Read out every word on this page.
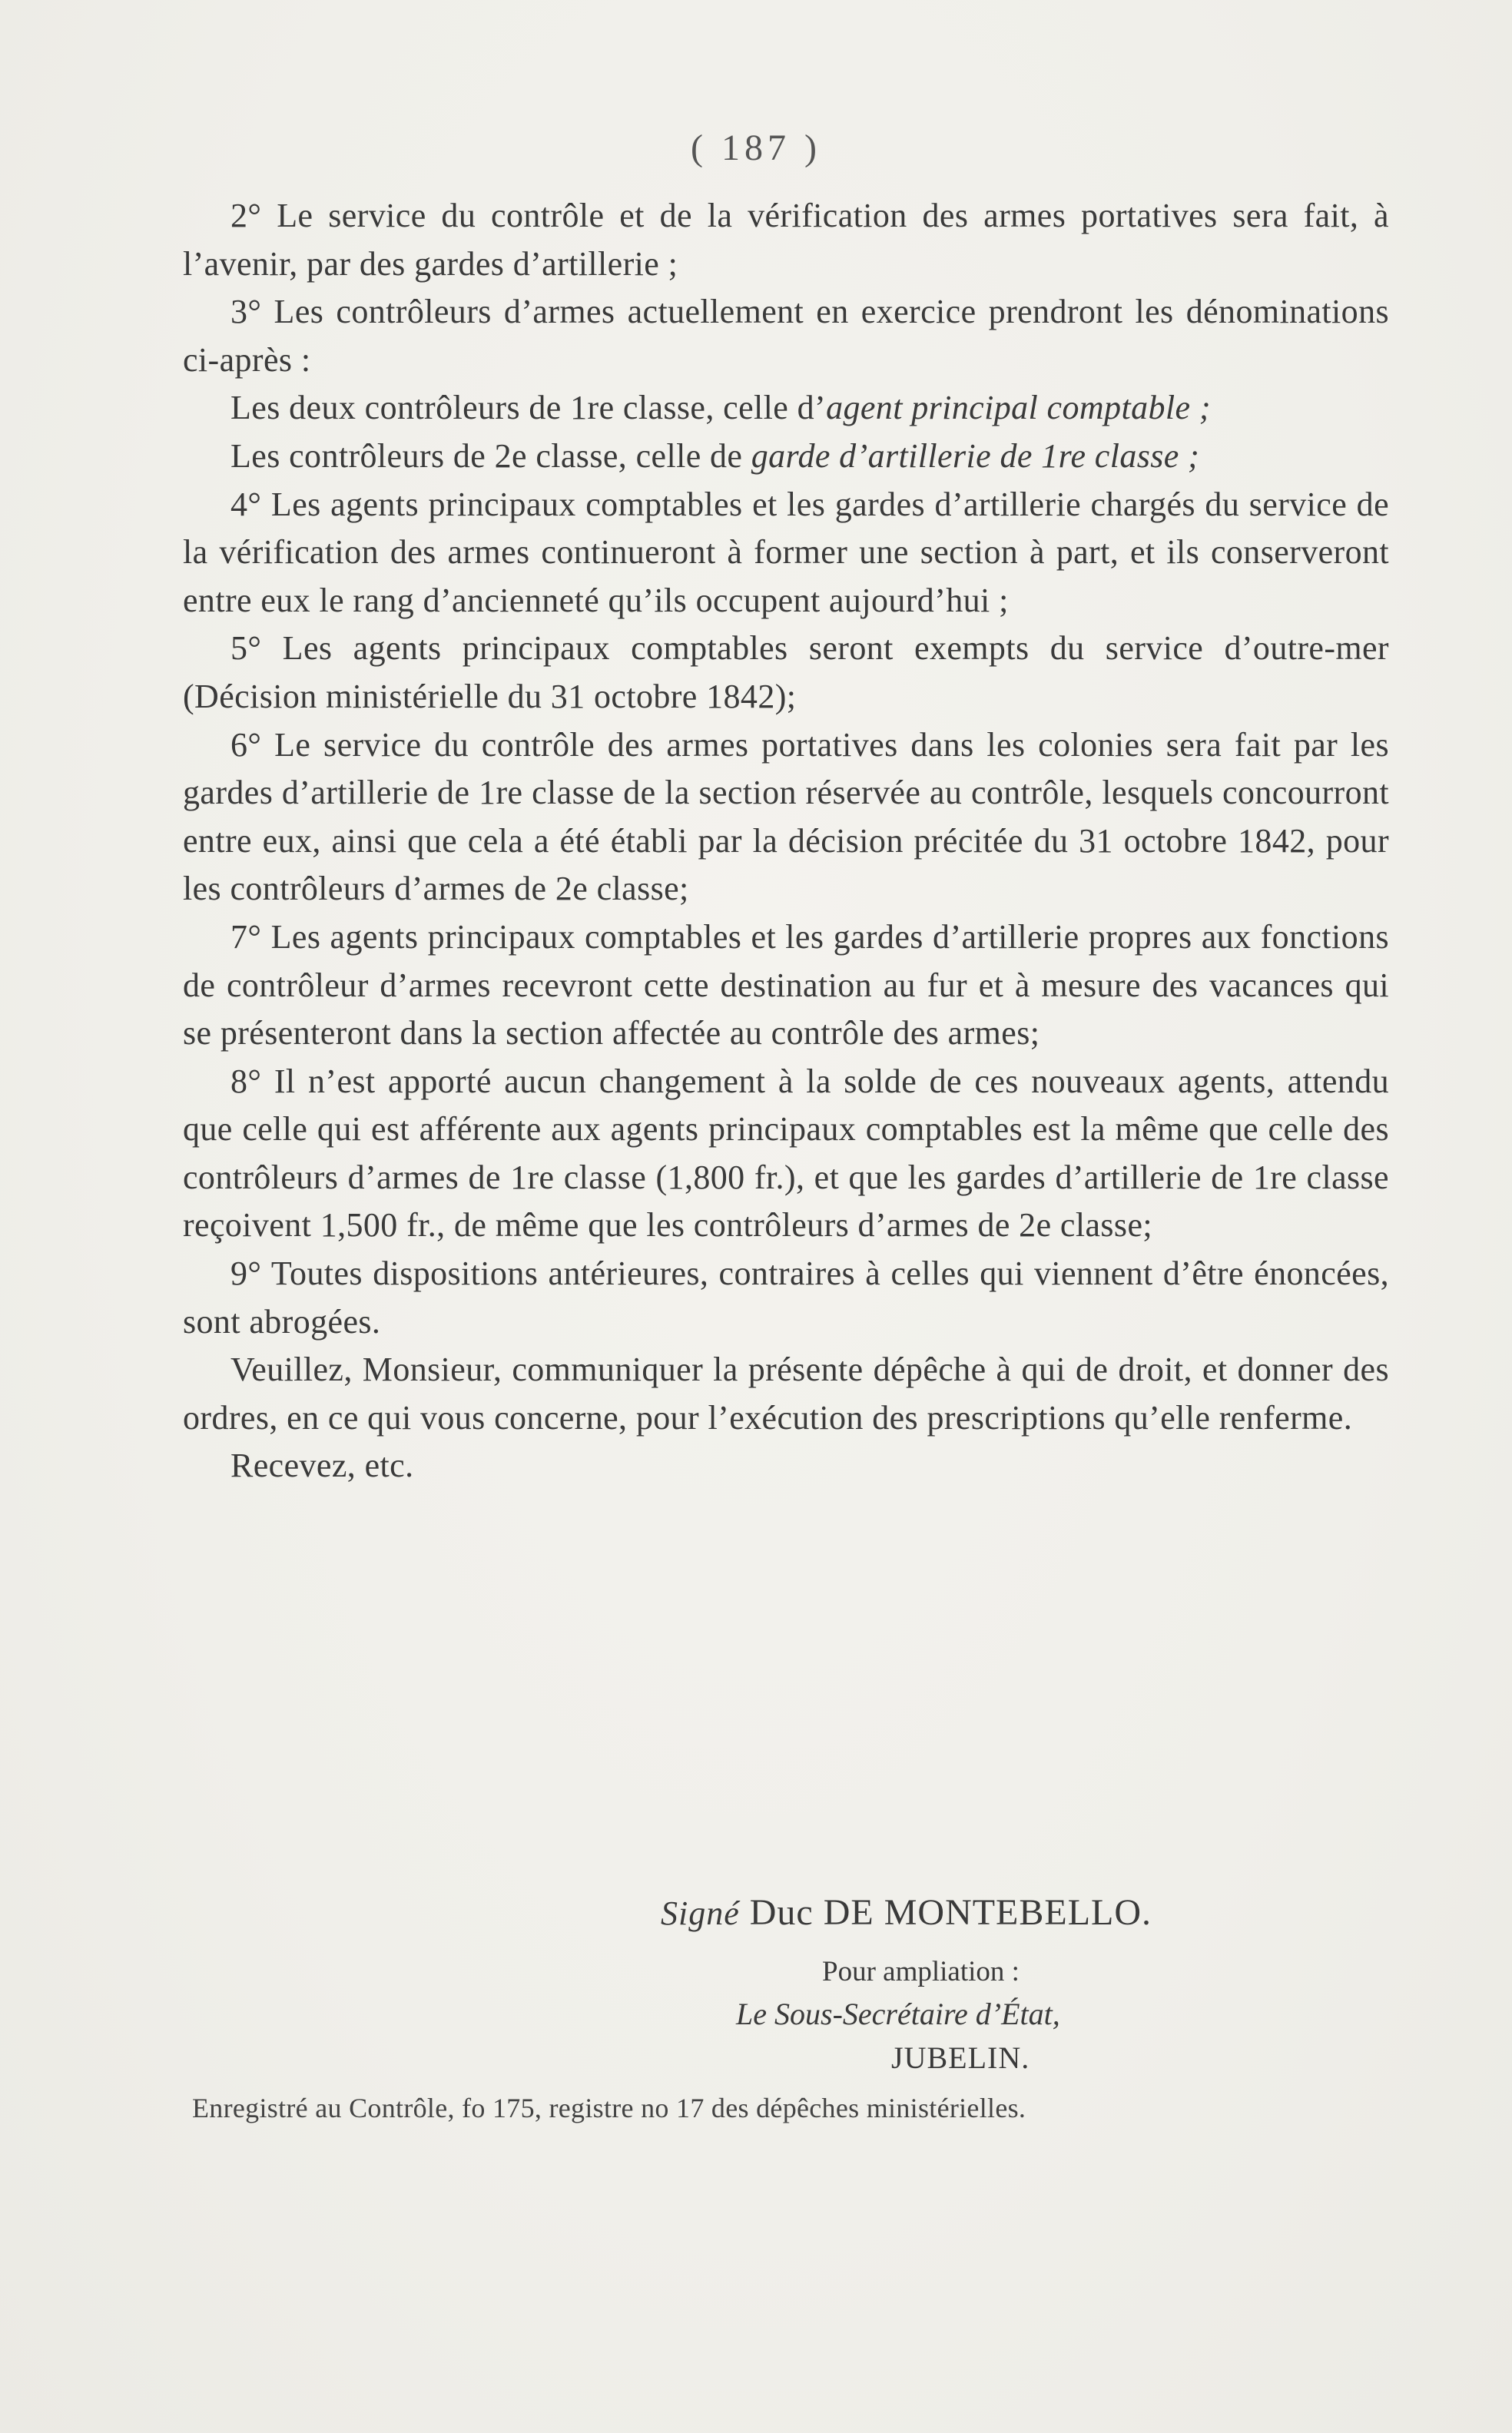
( 187 )

2° Le service du contrôle et de la vérification des armes portatives sera fait, à l’avenir, par des gardes d’artillerie ;

3° Les contrôleurs d’armes actuellement en exercice prendront les dénominations ci-après :

Les deux contrôleurs de 1re classe, celle d’agent principal comptable ;

Les contrôleurs de 2e classe, celle de garde d’artillerie de 1re classe ;

4° Les agents principaux comptables et les gardes d’artillerie chargés du service de la vérification des armes continueront à former une section à part, et ils conserveront entre eux le rang d’ancienneté qu’ils occupent aujourd’hui ;

5° Les agents principaux comptables seront exempts du service d’outre-mer (Décision ministérielle du 31 octobre 1842);

6° Le service du contrôle des armes portatives dans les colonies sera fait par les gardes d’artillerie de 1re classe de la section réservée au contrôle, lesquels concourront entre eux, ainsi que cela a été établi par la décision précitée du 31 octobre 1842, pour les contrôleurs d’armes de 2e classe;

7° Les agents principaux comptables et les gardes d’artillerie propres aux fonctions de contrôleur d’armes recevront cette destination au fur et à mesure des vacances qui se présenteront dans la section affectée au contrôle des armes;

8° Il n’est apporté aucun changement à la solde de ces nouveaux agents, attendu que celle qui est afférente aux agents principaux comptables est la même que celle des contrôleurs d’armes de 1re classe (1,800 fr.), et que les gardes d’artillerie de 1re classe reçoivent 1,500 fr., de même que les contrôleurs d’armes de 2e classe;

9° Toutes dispositions antérieures, contraires à celles qui viennent d’être énoncées, sont abrogées.

Veuillez, Monsieur, communiquer la présente dépêche à qui de droit, et donner des ordres, en ce qui vous concerne, pour l’exécution des prescriptions qu’elle renferme.

Recevez, etc.

Signé Duc DE MONTEBELLO.
Pour ampliation :
Le Sous-Secrétaire d’État,
JUBELIN.
Enregistré au Contrôle, fo 175, registre no 17 des dépêches ministérielles.
